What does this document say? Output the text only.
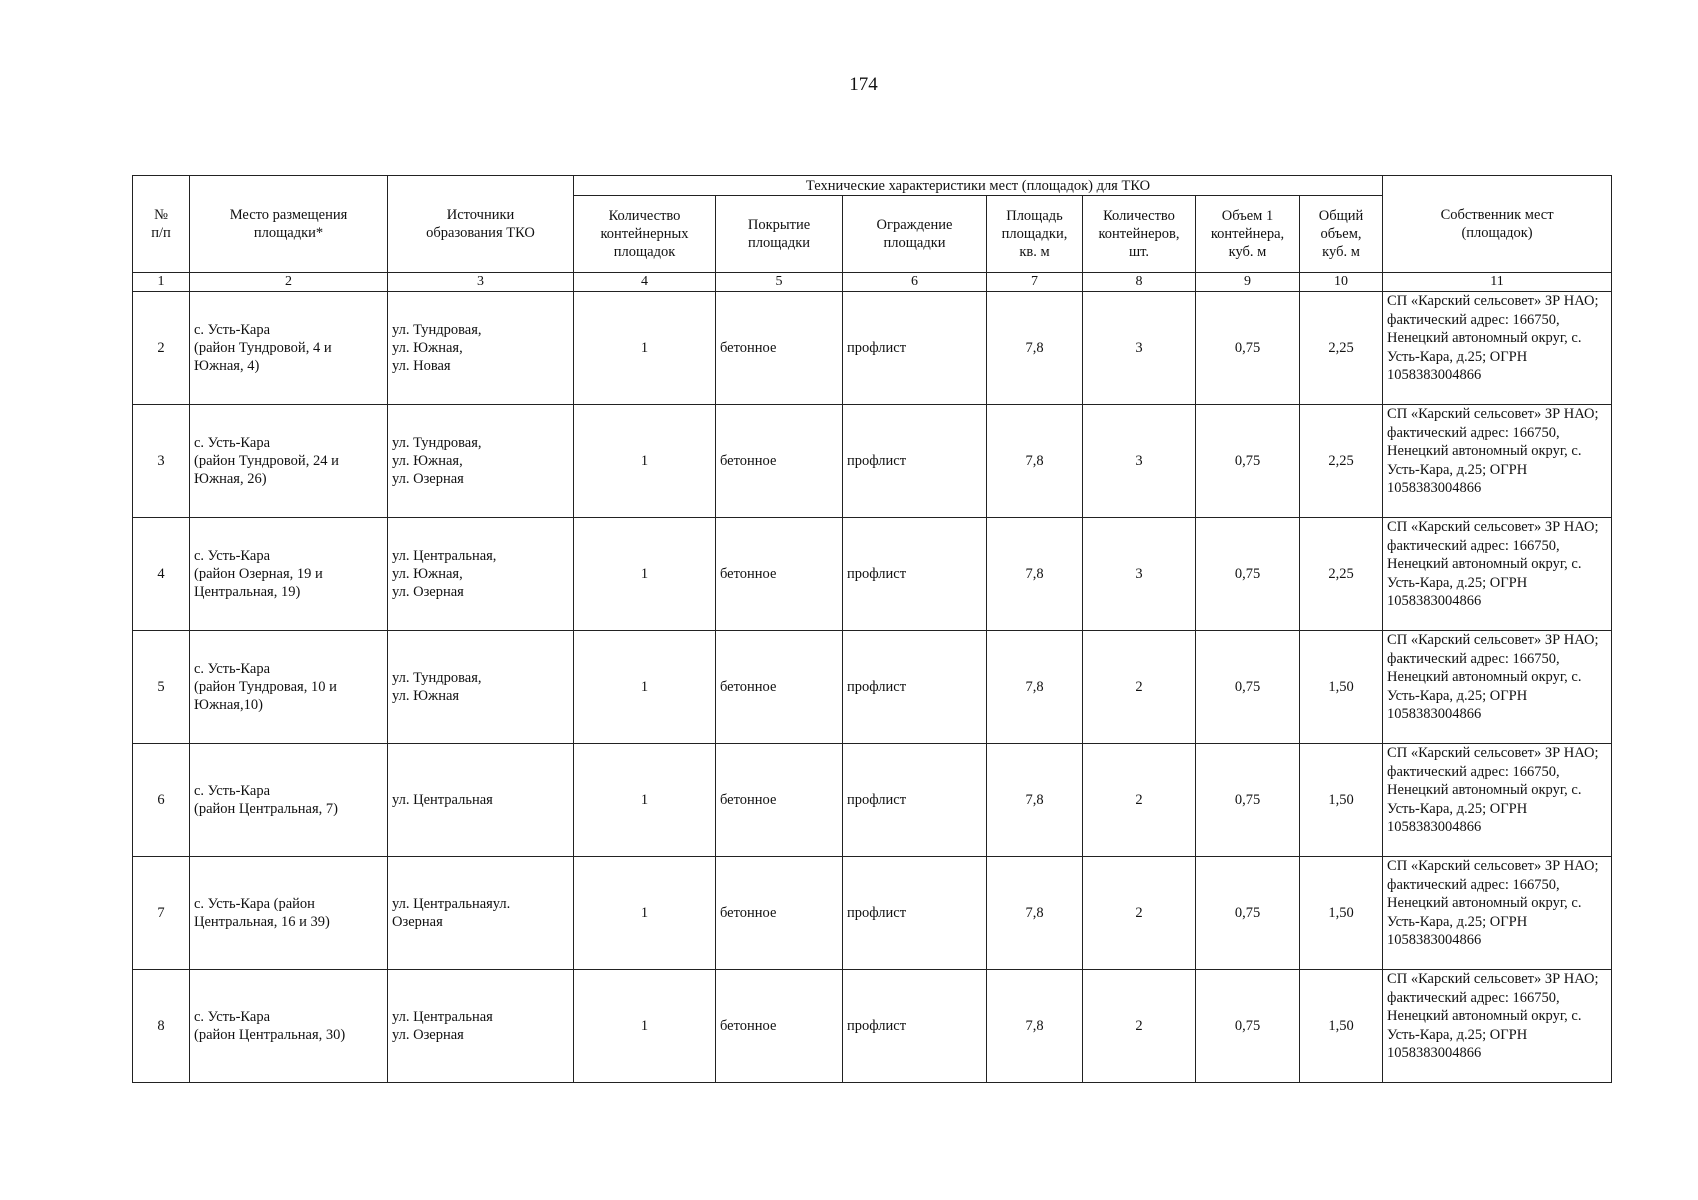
174
№
п/п	Место размещения
площадки*	Источники
образования ТКО	Технические характеристики мест (площадок) для ТКО							Собственник мест
(площадок)
			Количество
контейнерных
площадок	Покрытие
площадки	Ограждение
площадки	Площадь
площадки,
кв. м	Количество
контейнеров,
шт.	Объем 1
контейнера,
куб. м	Общий
объем,
куб. м	
1	2	3	4	5	6	7	8	9	10	11
2	с. Усть-Кара
(район Тундровой, 4 и
Южная, 4)	ул. Тундровая,
ул. Южная,
ул. Новая	1	бетонное	профлист	7,8	3	0,75	2,25	СП «Карский сельсовет» ЗР НАО; фактический адрес: 166750, Ненецкий автономный округ, с. Усть-Кара, д.25; ОГРН 1058383004866
3	с. Усть-Кара
(район Тундровой, 24 и
Южная, 26)	ул. Тундровая,
ул. Южная,
ул. Озерная	1	бетонное	профлист	7,8	3	0,75	2,25	СП «Карский сельсовет» ЗР НАО; фактический адрес: 166750, Ненецкий автономный округ, с. Усть-Кара, д.25; ОГРН 1058383004866
4	с. Усть-Кара
(район Озерная, 19 и
Центральная, 19)	ул. Центральная,
ул. Южная,
ул. Озерная	1	бетонное	профлист	7,8	3	0,75	2,25	СП «Карский сельсовет» ЗР НАО; фактический адрес: 166750, Ненецкий автономный округ, с. Усть-Кара, д.25; ОГРН 1058383004866
5	с. Усть-Кара
(район Тундровая, 10 и
Южная,10)	ул. Тундровая,
ул. Южная	1	бетонное	профлист	7,8	2	0,75	1,50	СП «Карский сельсовет» ЗР НАО; фактический адрес: 166750, Ненецкий автономный округ, с. Усть-Кара, д.25; ОГРН 1058383004866
6	с. Усть-Кара
(район Центральная, 7)	ул. Центральная	1	бетонное	профлист	7,8	2	0,75	1,50	СП «Карский сельсовет» ЗР НАО; фактический адрес: 166750, Ненецкий автономный округ, с. Усть-Кара, д.25; ОГРН 1058383004866
7	с. Усть-Кара (район
Центральная, 16 и 39)	ул. Центральнаяул.
Озерная	1	бетонное	профлист	7,8	2	0,75	1,50	СП «Карский сельсовет» ЗР НАО; фактический адрес: 166750, Ненецкий автономный округ, с. Усть-Кара, д.25; ОГРН 1058383004866
8	с. Усть-Кара
(район Центральная, 30)	ул. Центральная
ул. Озерная	1	бетонное	профлист	7,8	2	0,75	1,50	СП «Карский сельсовет» ЗР НАО; фактический адрес: 166750, Ненецкий автономный округ, с. Усть-Кара, д.25; ОГРН 1058383004866
